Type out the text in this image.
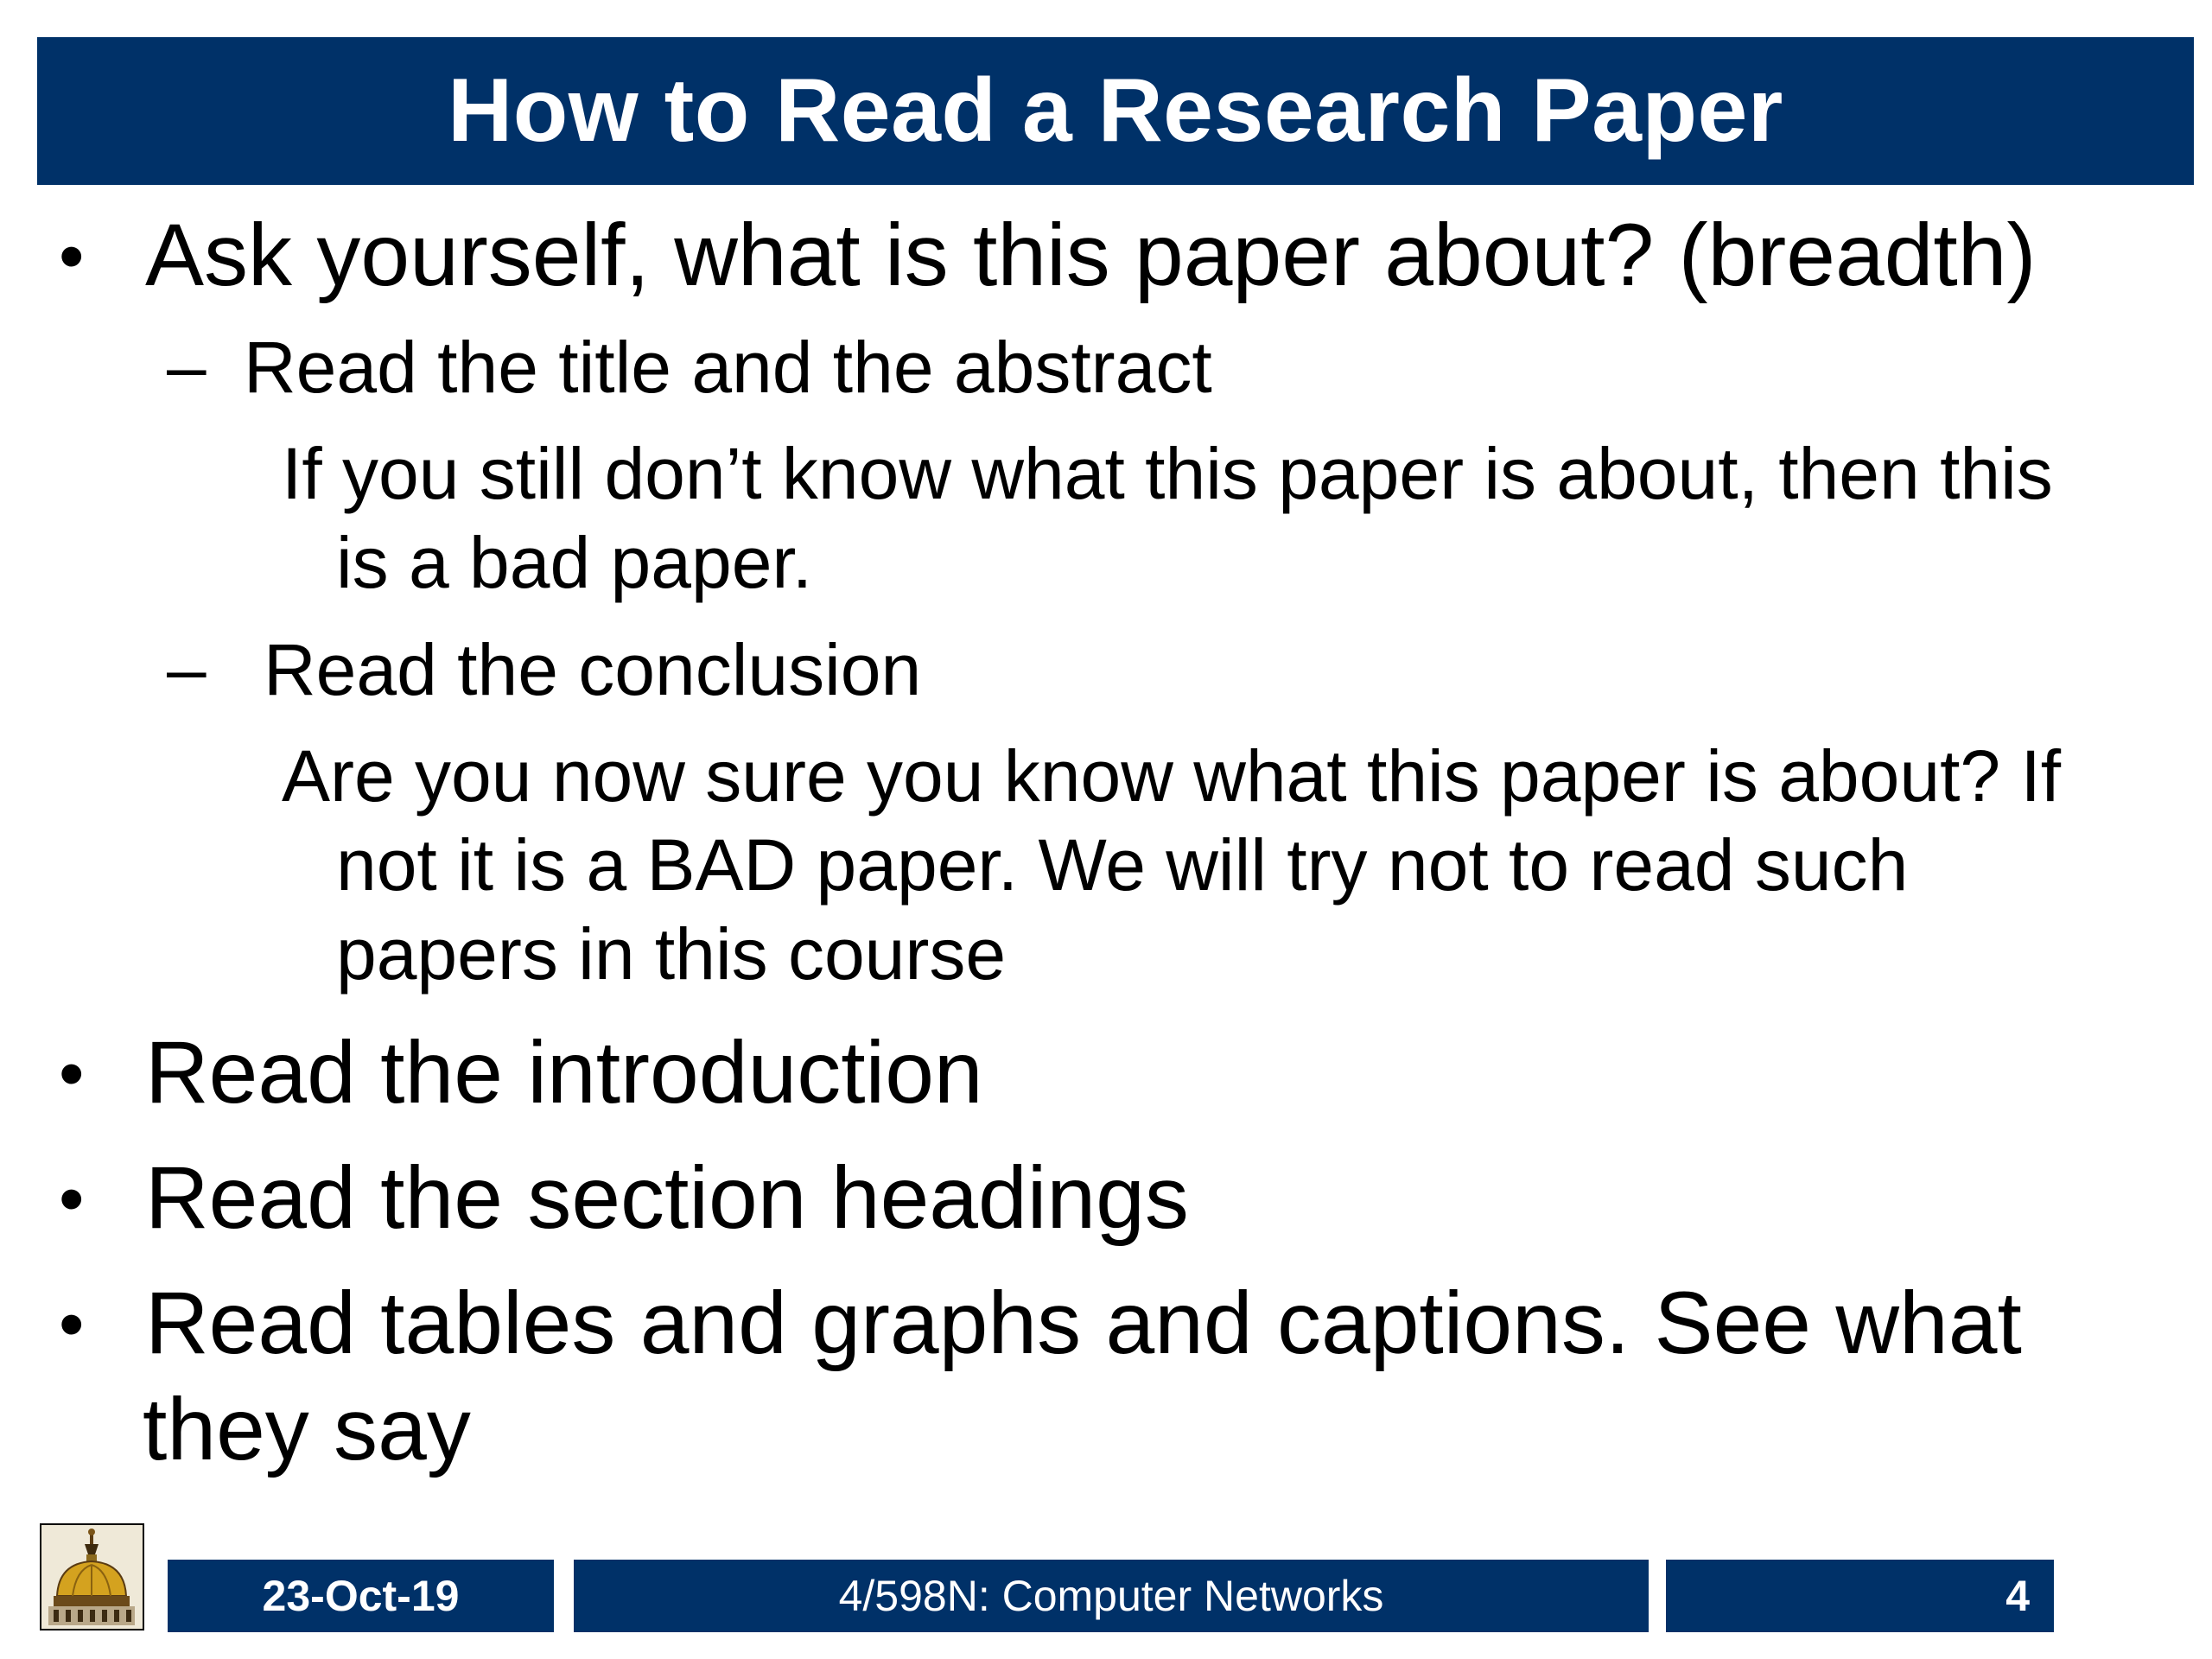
How to Read a Research Paper
• Ask yourself, what is this paper about? (breadth)
– Read the title and the abstract
If you still don’t know what this paper is about, then this
is a bad paper.
– Read the conclusion
Are you now sure you know what this paper is about? If
not it is a BAD paper. We will try not to read such
papers in this course
• Read the introduction
• Read the section headings
• Read tables and graphs and captions. See what
they say
23-Oct-19	4/598N: Computer Networks	4
